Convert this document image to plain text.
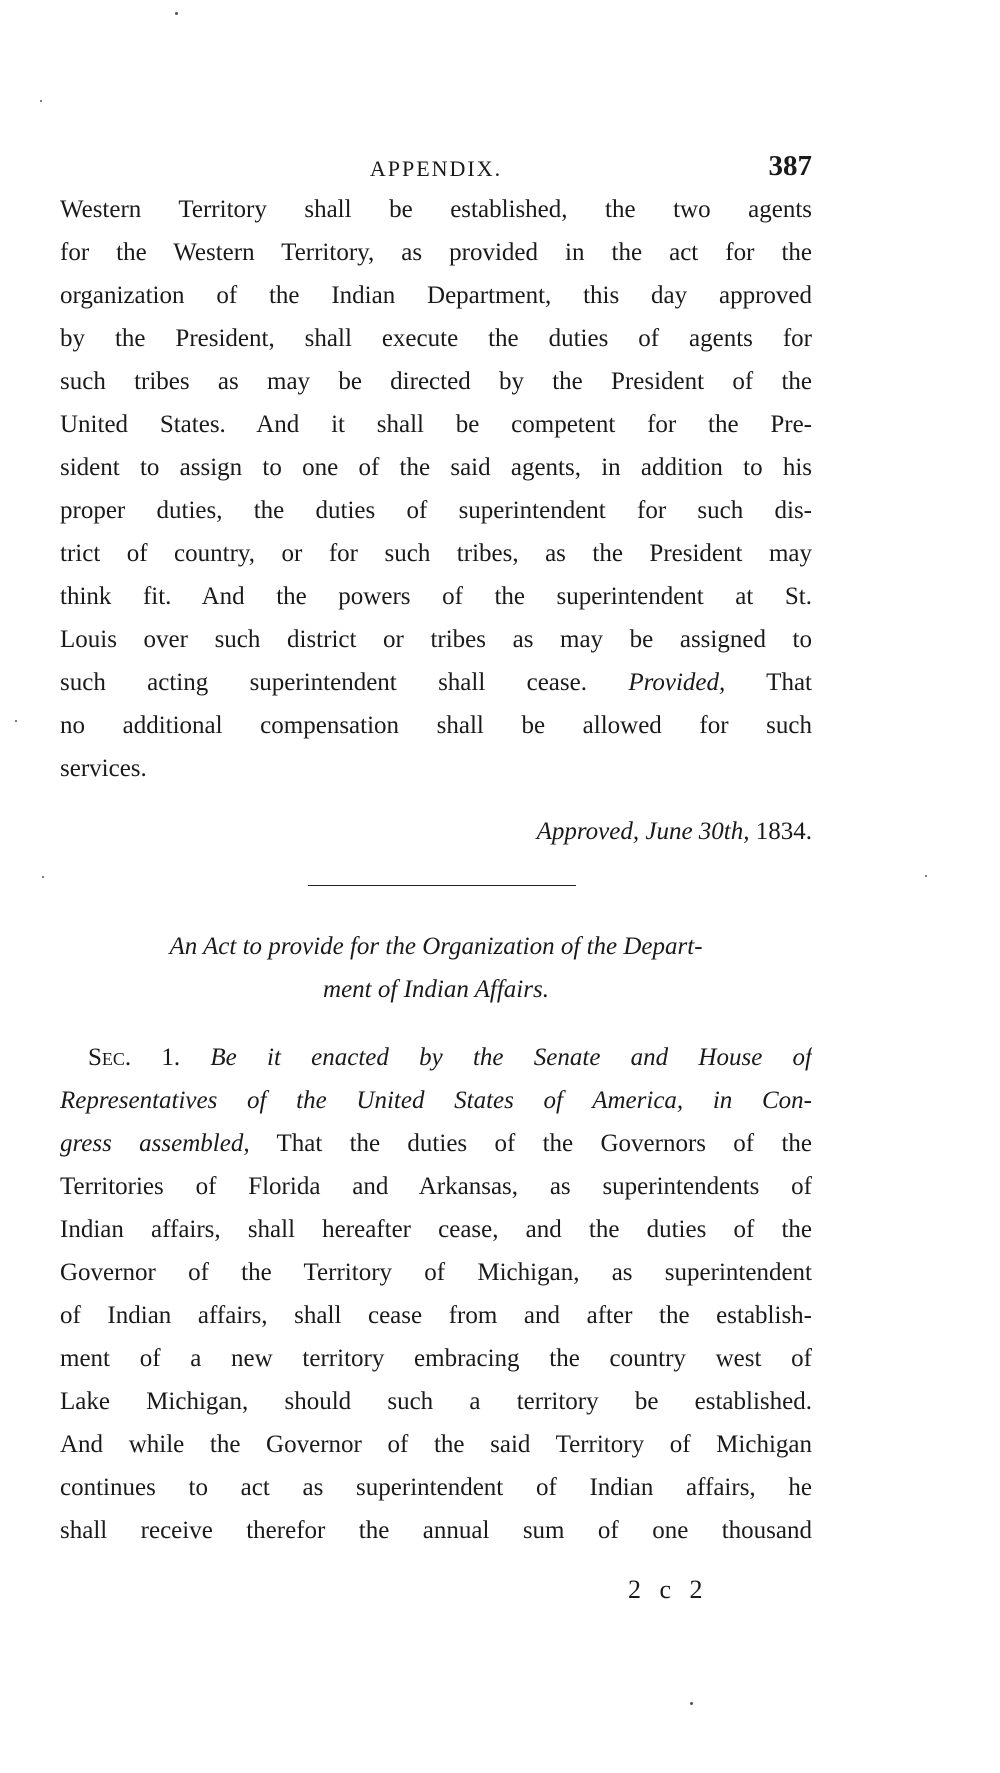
APPENDIX.	387
Western Territory shall be established, the two agents
for the Western Territory, as provided in the act for the
organization of the Indian Department, this day approved
by the President, shall execute the duties of agents for
such tribes as may be directed by the President of the
United States. And it shall be competent for the Pre-
sident to assign to one of the said agents, in addition to his
proper duties, the duties of superintendent for such dis-
trict of country, or for such tribes, as the President may
think fit. And the powers of the superintendent at St.
Louis over such district or tribes as may be assigned to
such acting superintendent shall cease. Provided, That
no additional compensation shall be allowed for such
services.
Approved, June 30th, 1834.
An Act to provide for the Organization of the Depart-
ment of Indian Affairs.
Sec. 1. Be it enacted by the Senate and House of
Representatives of the United States of America, in Con-
gress assembled, That the duties of the Governors of the
Territories of Florida and Arkansas, as superintendents of
Indian affairs, shall hereafter cease, and the duties of the
Governor of the Territory of Michigan, as superintendent
of Indian affairs, shall cease from and after the establish-
ment of a new territory embracing the country west of
Lake Michigan, should such a territory be established.
And while the Governor of the said Territory of Michigan
continues to act as superintendent of Indian affairs, he
shall receive therefor the annual sum of one thousand
2 c 2
